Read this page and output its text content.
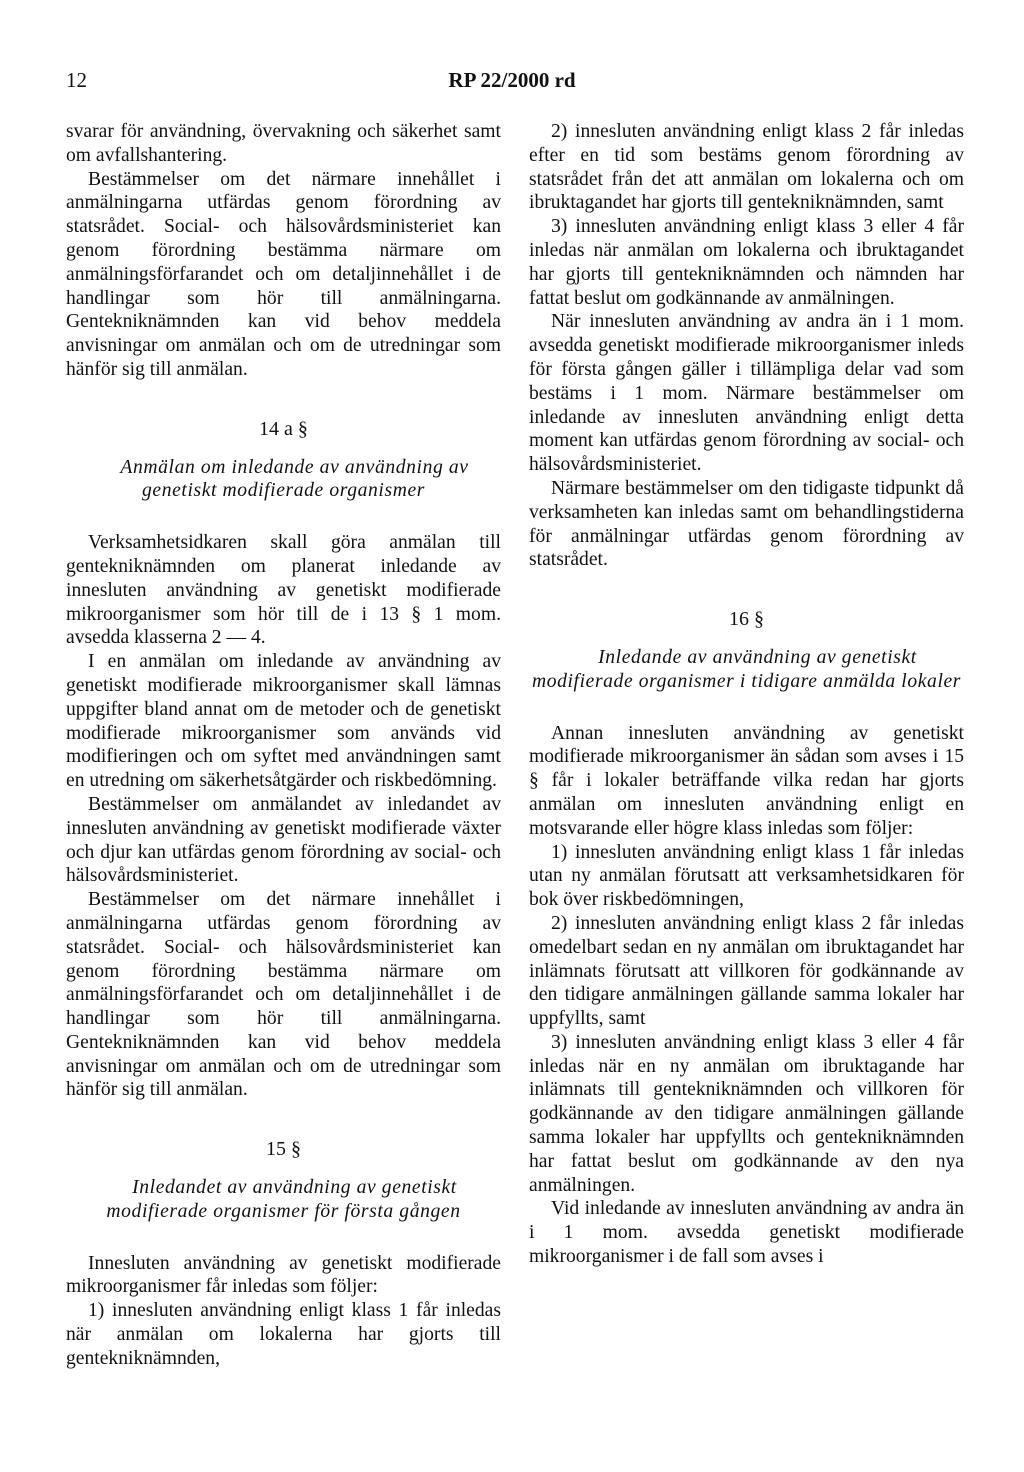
12	RP 22/2000 rd

svarar för användning, övervakning och säkerhet samt om avfallshantering.

Bestämmelser om det närmare innehållet i anmälningarna utfärdas genom förordning av statsrådet. Social- och hälsovårdsministeriet kan genom förordning bestämma närmare om anmälningsförfarandet och om detaljinnehållet i de handlingar som hör till anmälningarna. Gentekniknämnden kan vid behov meddela anvisningar om anmälan och om de utredningar som hänför sig till anmälan.

14 a §

Anmälan om inledande av användning av genetiskt modifierade organismer

Verksamhetsidkaren skall göra anmälan till gentekniknämnden om planerat inledande av innesluten användning av genetiskt modifierade mikroorganismer som hör till de i 13 § 1 mom. avsedda klasserna 2 — 4.

I en anmälan om inledande av användning av genetiskt modifierade mikroorganismer skall lämnas uppgifter bland annat om de metoder och de genetiskt modifierade mikroorganismer som används vid modifieringen och om syftet med användningen samt en utredning om säkerhetsåtgärder och riskbedömning.

Bestämmelser om anmälandet av inledandet av innesluten användning av genetiskt modifierade växter och djur kan utfärdas genom förordning av social- och hälsovårdsministeriet.

Bestämmelser om det närmare innehållet i anmälningarna utfärdas genom förordning av statsrådet. Social- och hälsovårdsministeriet kan genom förordning bestämma närmare om anmälningsförfarandet och om detaljinnehållet i de handlingar som hör till anmälningarna. Gentekniknämnden kan vid behov meddela anvisningar om anmälan och om de utredningar som hänför sig till anmälan.

15 §

Inledandet av användning av genetiskt modifierade organismer för första gången

Innesluten användning av genetiskt modifierade mikroorganismer får inledas som följer:

1) innesluten användning enligt klass 1 får inledas när anmälan om lokalerna har gjorts till gentekniknämnden,

2) innesluten användning enligt klass 2 får inledas efter en tid som bestäms genom förordning av statsrådet från det att anmälan om lokalerna och om ibruktagandet har gjorts till gentekniknämnden, samt

3) innesluten användning enligt klass 3 eller 4 får inledas när anmälan om lokalerna och ibruktagandet har gjorts till gentekniknämnden och nämnden har fattat beslut om godkännande av anmälningen.

När innesluten användning av andra än i 1 mom. avsedda genetiskt modifierade mikroorganismer inleds för första gången gäller i tillämpliga delar vad som bestäms i 1 mom. Närmare bestämmelser om inledande av innesluten användning enligt detta moment kan utfärdas genom förordning av social- och hälsovårdsministeriet.

Närmare bestämmelser om den tidigaste tidpunkt då verksamheten kan inledas samt om behandlingstiderna för anmälningar utfärdas genom förordning av statsrådet.

16 §

Inledande av användning av genetiskt modifierade organismer i tidigare anmälda lokaler

Annan innesluten användning av genetiskt modifierade mikroorganismer än sådan som avses i 15 § får i lokaler beträffande vilka redan har gjorts anmälan om innesluten användning enligt en motsvarande eller högre klass inledas som följer:

1) innesluten användning enligt klass 1 får inledas utan ny anmälan förutsatt att verksamhetsidkaren för bok över riskbedömningen,

2) innesluten användning enligt klass 2 får inledas omedelbart sedan en ny anmälan om ibruktagandet har inlämnats förutsatt att villkoren för godkännande av den tidigare anmälningen gällande samma lokaler har uppfyllts, samt

3) innesluten användning enligt klass 3 eller 4 får inledas när en ny anmälan om ibruktagande har inlämnats till gentekniknämnden och villkoren för godkännande av den tidigare anmälningen gällande samma lokaler har uppfyllts och gentekniknämnden har fattat beslut om godkännande av den nya anmälningen.

Vid inledande av innesluten användning av andra än i 1 mom. avsedda genetiskt modifierade mikroorganismer i de fall som avses i
